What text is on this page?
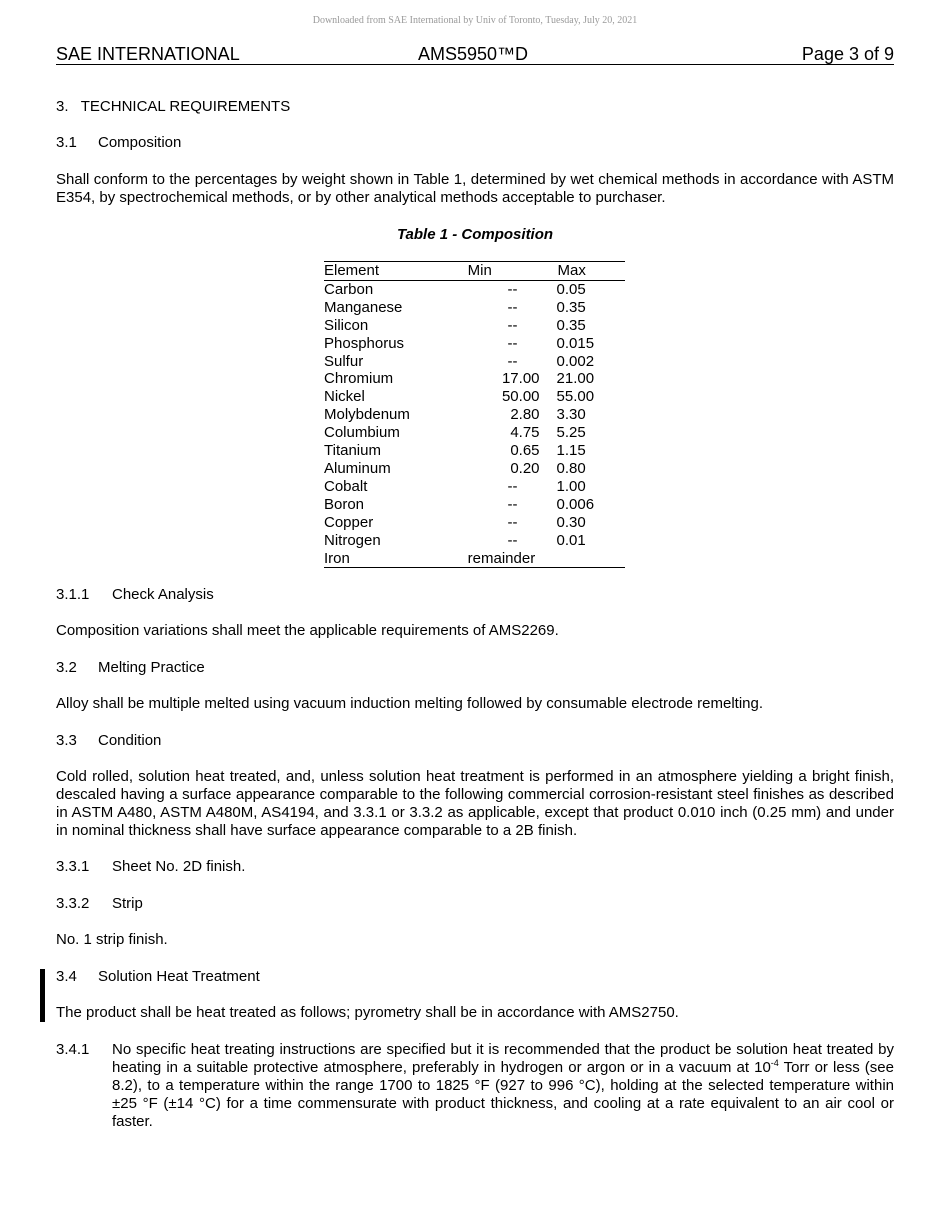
Downloaded from SAE International by Univ of Toronto, Tuesday, July 20, 2021
SAE INTERNATIONAL	AMS5950™D	Page 3 of 9
3. TECHNICAL REQUIREMENTS
3.1 Composition
Shall conform to the percentages by weight shown in Table 1, determined by wet chemical methods in accordance with ASTM E354, by spectrochemical methods, or by other analytical methods acceptable to purchaser.
Table 1 - Composition
Element	Min	Max
Carbon	--	0.05
Manganese	--	0.35
Silicon	--	0.35
Phosphorus	--	0.015
Sulfur	--	0.002
Chromium	17.00	21.00
Nickel	50.00	55.00
Molybdenum	2.80	3.30
Columbium	4.75	5.25
Titanium	0.65	1.15
Aluminum	0.20	0.80
Cobalt	--	1.00
Boron	--	0.006
Copper	--	0.30
Nitrogen	--	0.01
Iron	remainder	
3.1.1 Check Analysis
Composition variations shall meet the applicable requirements of AMS2269.
3.2 Melting Practice
Alloy shall be multiple melted using vacuum induction melting followed by consumable electrode remelting.
3.3 Condition
Cold rolled, solution heat treated, and, unless solution heat treatment is performed in an atmosphere yielding a bright finish, descaled having a surface appearance comparable to the following commercial corrosion-resistant steel finishes as described in ASTM A480, ASTM A480M, AS4194, and 3.3.1 or 3.3.2 as applicable, except that product 0.010 inch (0.25 mm) and under in nominal thickness shall have surface appearance comparable to a 2B finish.
3.3.1 Sheet No. 2D finish.
3.3.2 Strip
No. 1 strip finish.
3.4 Solution Heat Treatment
The product shall be heat treated as follows; pyrometry shall be in accordance with AMS2750.
3.4.1 No specific heat treating instructions are specified but it is recommended that the product be solution heat treated by heating in a suitable protective atmosphere, preferably in hydrogen or argon or in a vacuum at $10^{-4}$ Torr or less (see 8.2), to a temperature within the range 1700 to 1825 °F (927 to 996 °C), holding at the selected temperature within ±25 °F (±14 °C) for a time commensurate with product thickness, and cooling at a rate equivalent to an air cool or faster.
